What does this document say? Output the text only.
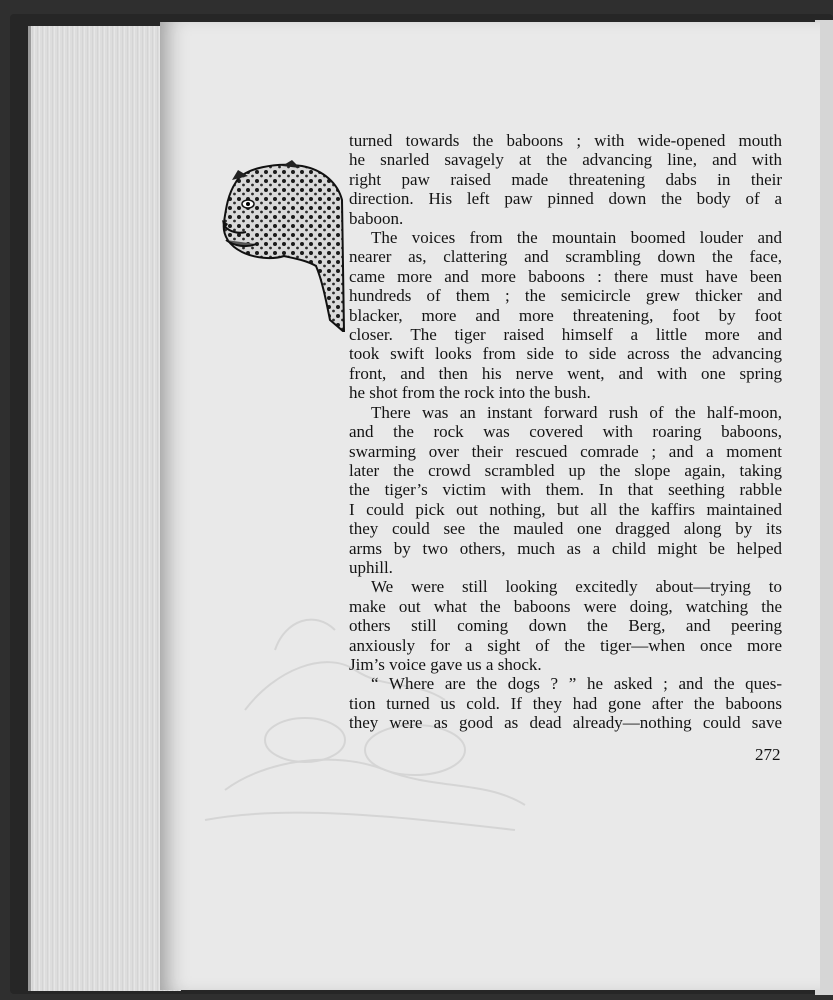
turned towards the baboons ; with wide-opened mouth
he snarled savagely at the advancing line, and with
right paw raised made threatening dabs in their
direction. His left paw pinned down the body of a
baboon.
The voices from the mountain boomed louder and
nearer as, clattering and scrambling down the face,
came more and more baboons : there must have been
hundreds of them ; the semicircle grew thicker and
blacker, more and more threatening, foot by foot
closer. The tiger raised himself a little more and
took swift looks from side to side across the advancing
front, and then his nerve went, and with one spring
he shot from the rock into the bush.
There was an instant forward rush of the half-moon,
and the rock was covered with roaring baboons,
swarming over their rescued comrade ; and a moment
later the crowd scrambled up the slope again, taking
the tiger’s victim with them. In that seething rabble
I could pick out nothing, but all the kaffirs maintained
they could see the mauled one dragged along by its
arms by two others, much as a child might be helped
uphill.
We were still looking excitedly about—trying to
make out what the baboons were doing, watching the
others still coming down the Berg, and peering
anxiously for a sight of the tiger—when once more
Jim’s voice gave us a shock.
“ Where are the dogs ? ” he asked ; and the ques-
tion turned us cold. If they had gone after the baboons
they were as good as dead already—nothing could save
272
